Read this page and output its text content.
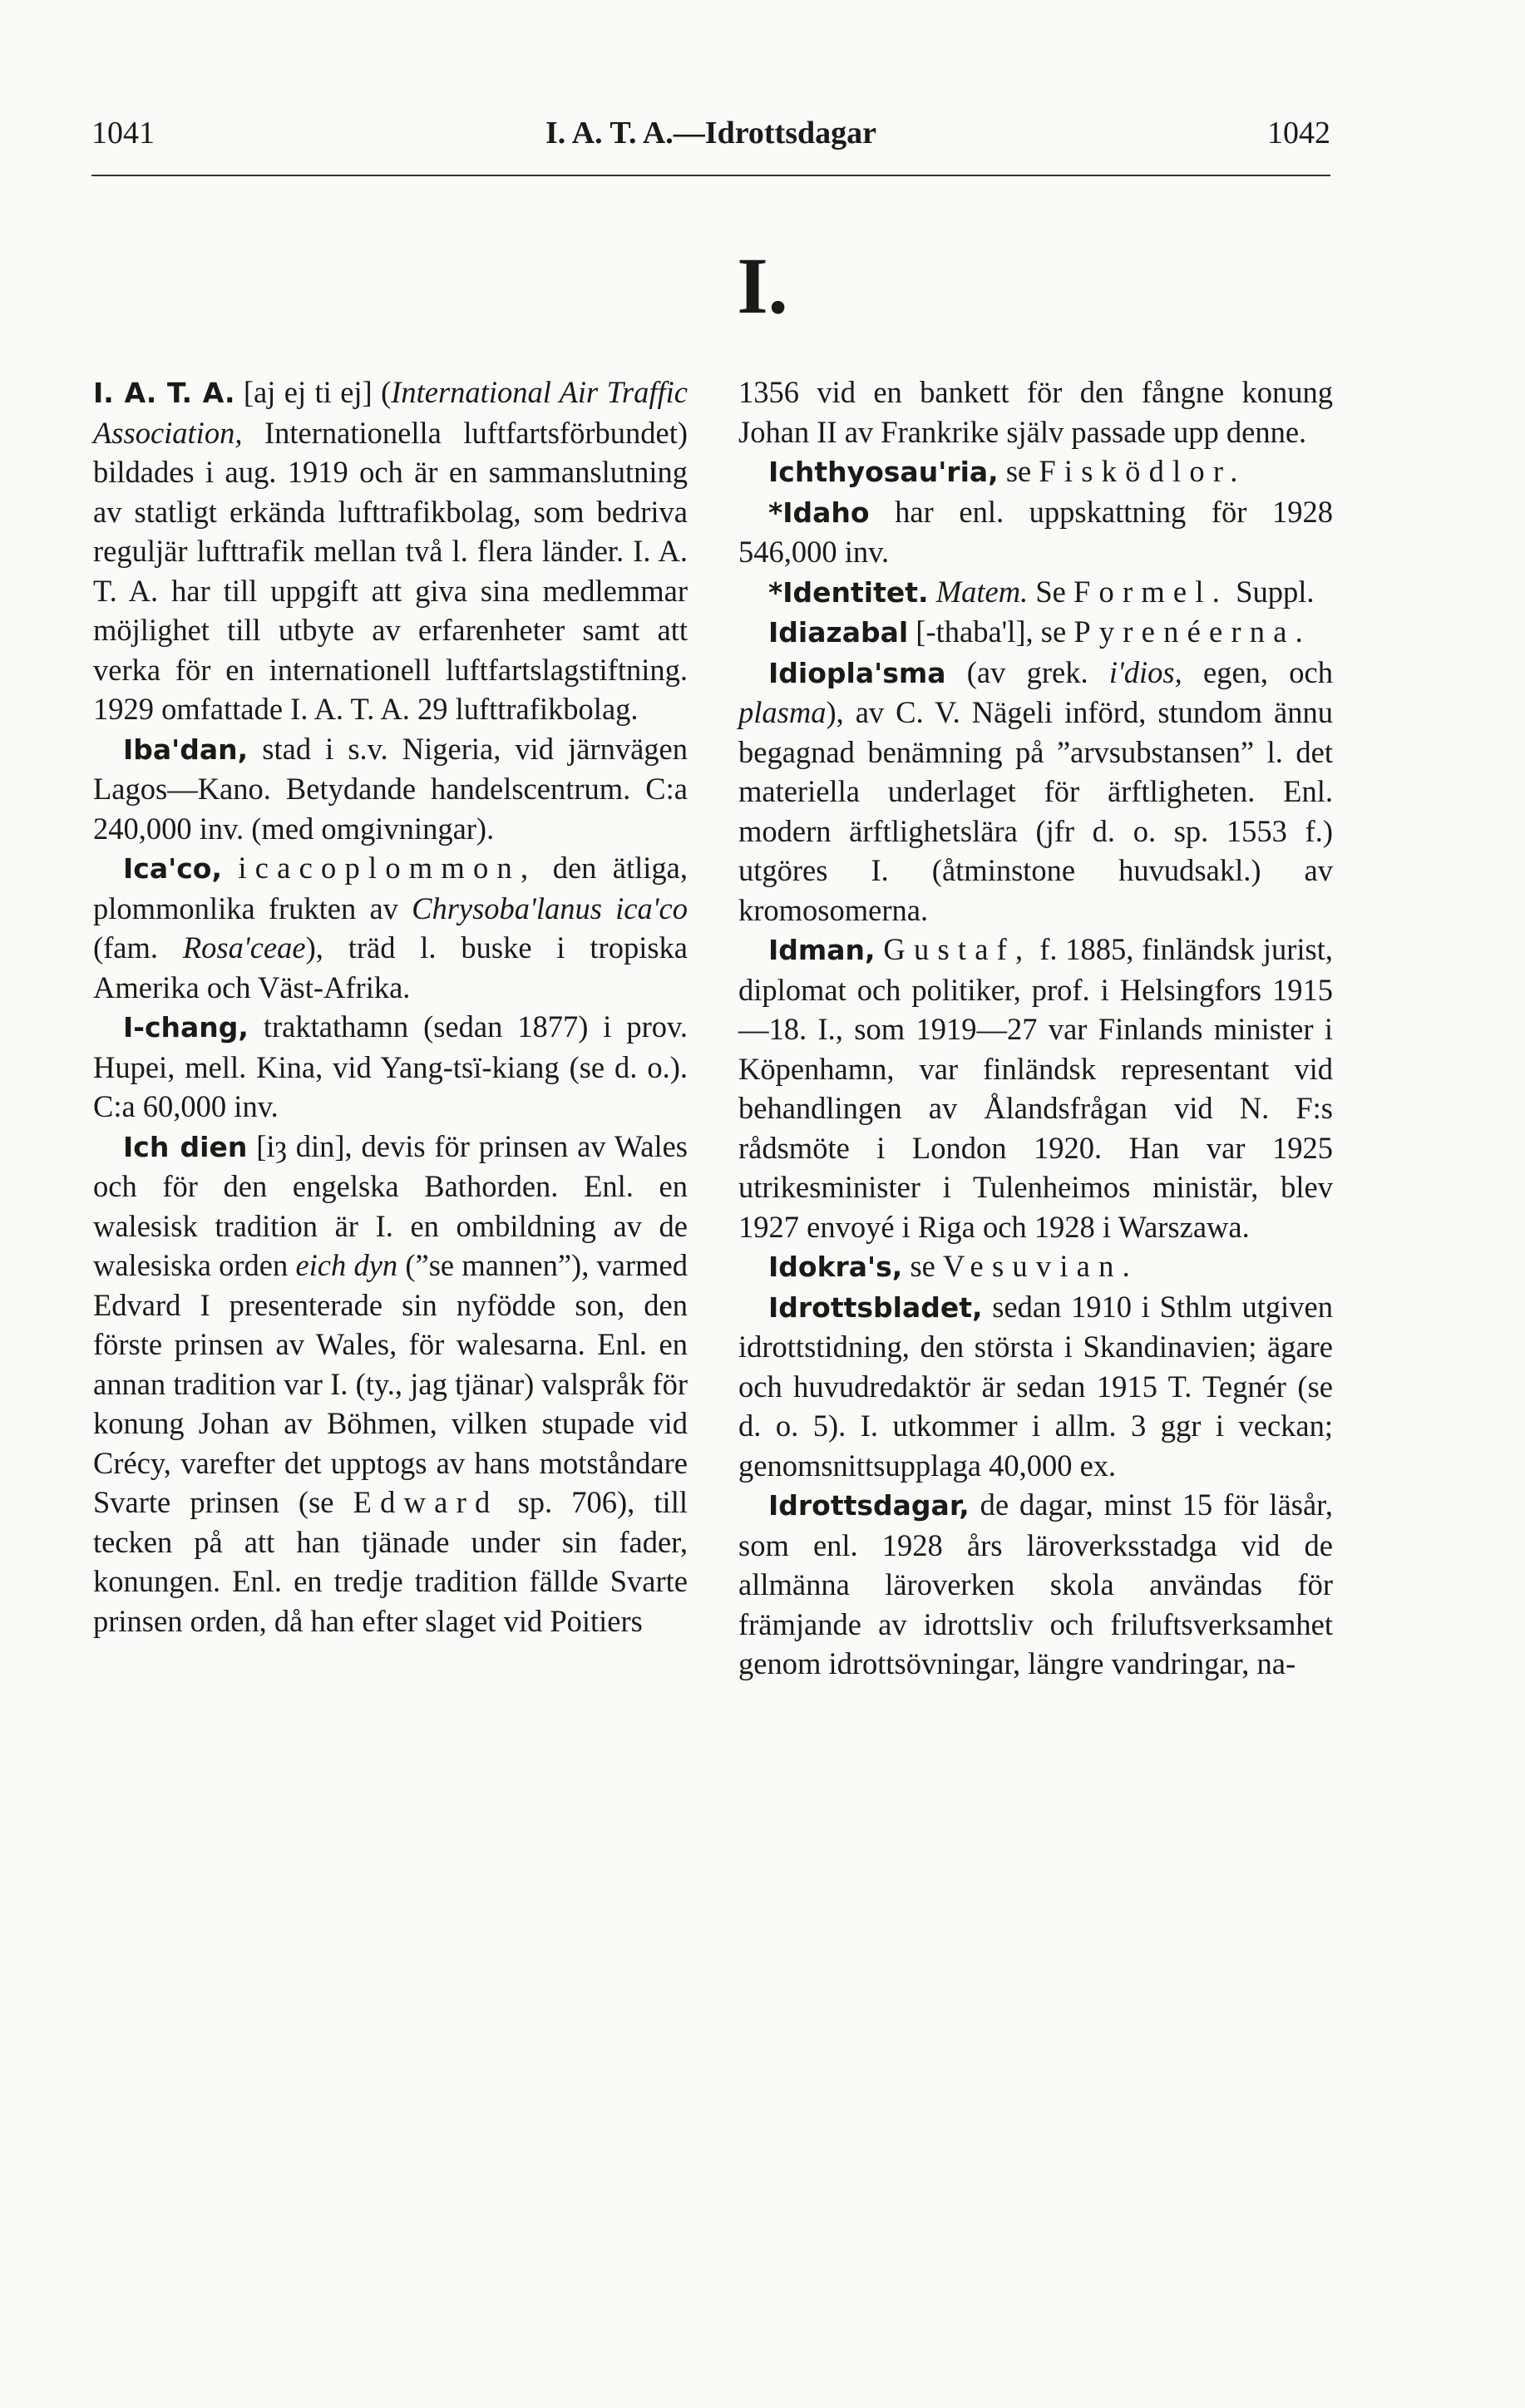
1041	I. A. T. A.—Idrottsdagar	1042
I.

I. A. T. A. [aj ej ti ej] (International Air Traffic Association, Internationella luftfartsförbundet) bildades i aug. 1919 och är en sammanslutning av statligt erkända lufttrafikbolag, som bedriva reguljär lufttrafik mellan två l. flera länder. I. A. T. A. har till uppgift att giva sina medlemmar möjlighet till utbyte av erfarenheter samt att verka för en internationell luftfartslagstiftning. 1929 omfattade I. A. T. A. 29 lufttrafikbolag.

Iba'dan, stad i s.v. Nigeria, vid järnvägen Lagos—Kano. Betydande handelscentrum. C:a 240,000 inv. (med omgivningar).

Ica'co, icacoplommon, den ätliga, plommonlika frukten av Chrysoba'lanus ica'co (fam. Rosa'ceae), träd l. buske i tropiska Amerika och Väst-Afrika.

I-chang, traktathamn (sedan 1877) i prov. Hupei, mell. Kina, vid Yang-tsï-kiang (se d. o.). C:a 60,000 inv.

Ich dien [iȝ din], devis för prinsen av Wales och för den engelska Bathorden. Enl. en walesisk tradition är I. en ombildning av de walesiska orden eich dyn (”se mannen”), varmed Edvard I presenterade sin nyfödde son, den förste prinsen av Wales, för walesarna. Enl. en annan tradition var I. (ty., jag tjänar) valspråk för konung Johan av Böhmen, vilken stupade vid Crécy, varefter det upptogs av hans motståndare Svarte prinsen (se Edward sp. 706), till tecken på att han tjänade under sin fader, konungen. Enl. en tredje tradition fällde Svarte prinsen orden, då han efter slaget vid Poitiers

1356 vid en bankett för den fångne konung Johan II av Frankrike själv passade upp denne.

Ichthyosau'ria, se Fisködlor.

*Idaho har enl. uppskattning för 1928 546,000 inv.

*Identitet. Matem. Se Formel. Suppl.

Idiazabal [-thaba'l], se Pyrenéerna.

Idiopla'sma (av grek. i'dios, egen, och plasma), av C. V. Nägeli införd, stundom ännu begagnad benämning på ”arvsubstansen” l. det materiella underlaget för ärftligheten. Enl. modern ärftlighetslära (jfr d. o. sp. 1553 f.) utgöres I. (åtminstone huvudsakl.) av kromosomerna.

Idman, Gustaf, f. 1885, finländsk jurist, diplomat och politiker, prof. i Helsingfors 1915—18. I., som 1919—27 var Finlands minister i Köpenhamn, var finländsk representant vid behandlingen av Ålandsfrågan vid N. F:s rådsmöte i London 1920. Han var 1925 utrikesminister i Tulenheimos ministär, blev 1927 envoyé i Riga och 1928 i Warszawa.

Idokra's, se Vesuvian.

Idrottsbladet, sedan 1910 i Sthlm utgiven idrottstidning, den största i Skandinavien; ägare och huvudredaktör är sedan 1915 T. Tegnér (se d. o. 5). I. utkommer i allm. 3 ggr i veckan; genomsnittsupplaga 40,000 ex.

Idrottsdagar, de dagar, minst 15 för läsår, som enl. 1928 års läroverksstadga vid de allmänna läroverken skola användas för främjande av idrottsliv och friluftsverksamhet genom idrottsövningar, längre vandringar, na-
